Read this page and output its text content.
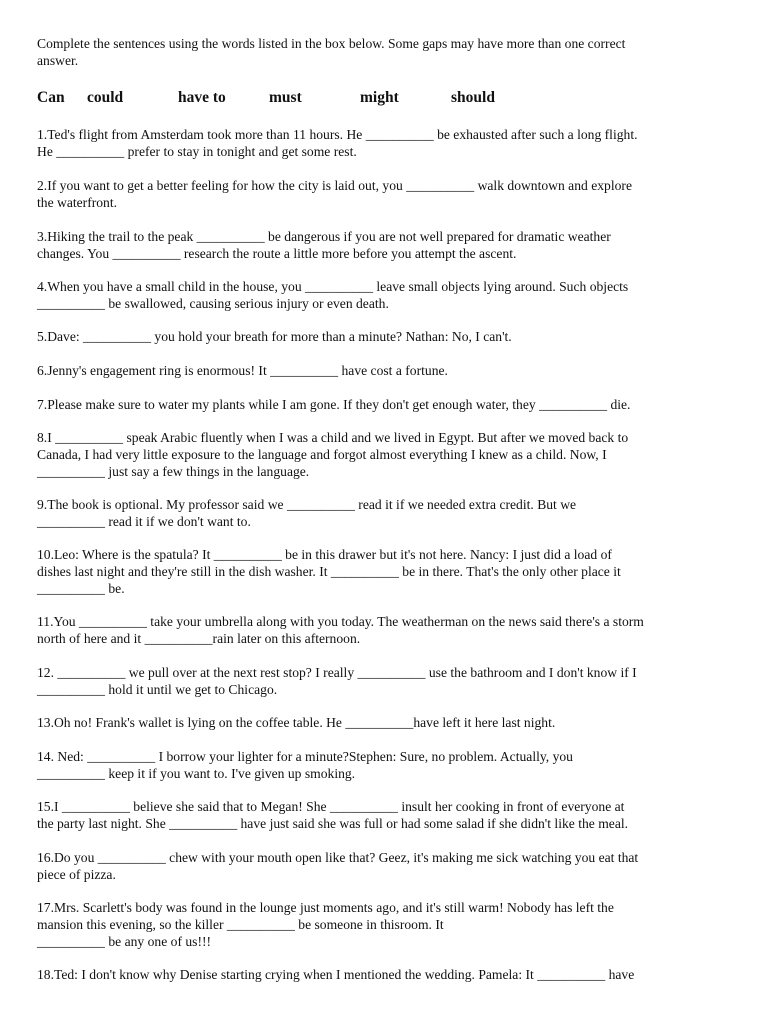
Complete the sentences using the words listed in the box below. Some gaps may have more than one correct
answer.
Can could	have to	must	might	should
1.Ted's flight from Amsterdam took more than 11 hours. He __________ be exhausted after such a long flight.
He __________ prefer to stay in tonight and get some rest.
2.If you want to get a better feeling for how the city is laid out, you __________ walk downtown and explore
the waterfront.
3.Hiking the trail to the peak __________ be dangerous if you are not well prepared for dramatic weather
changes. You __________ research the route a little more before you attempt the ascent.
4.When you have a small child in the house, you __________ leave small objects lying around. Such objects
__________ be swallowed, causing serious injury or even death.
5.Dave: __________ you hold your breath for more than a minute? Nathan: No, I can't.
6.Jenny's engagement ring is enormous! It __________ have cost a fortune.
7.Please make sure to water my plants while I am gone. If they don't get enough water, they __________ die.
8.I __________ speak Arabic fluently when I was a child and we lived in Egypt. But after we moved back to
Canada, I had very little exposure to the language and forgot almost everything I knew as a child. Now, I
__________ just say a few things in the language.
9.The book is optional. My professor said we __________ read it if we needed extra credit. But we
__________ read it if we don't want to.
10.Leo: Where is the spatula? It __________ be in this drawer but it's not here. Nancy: I just did a load of
dishes last night and they're still in the dish washer. It __________ be in there. That's the only other place it
__________ be.
11.You __________ take your umbrella along with you today. The weatherman on the news said there's a storm
north of here and it __________rain later on this afternoon.
12. __________ we pull over at the next rest stop? I really __________ use the bathroom and I don't know if I
__________ hold it until we get to Chicago.
13.Oh no! Frank's wallet is lying on the coffee table. He __________have left it here last night.
14. Ned: __________ I borrow your lighter for a minute?Stephen: Sure, no problem. Actually, you
__________ keep it if you want to. I've given up smoking.
15.I __________ believe she said that to Megan! She __________ insult her cooking in front of everyone at
the party last night. She __________ have just said she was full or had some salad if she didn't like the meal.
16.Do you __________ chew with your mouth open like that? Geez, it's making me sick watching you eat that
piece of pizza.
17.Mrs. Scarlett's body was found in the lounge just moments ago, and it's still warm! Nobody has left the
mansion this evening, so the killer __________ be someone in thisroom. It
__________ be any one of us!!!
18.Ted: I don't know why Denise starting crying when I mentioned the wedding. Pamela: It __________ have
